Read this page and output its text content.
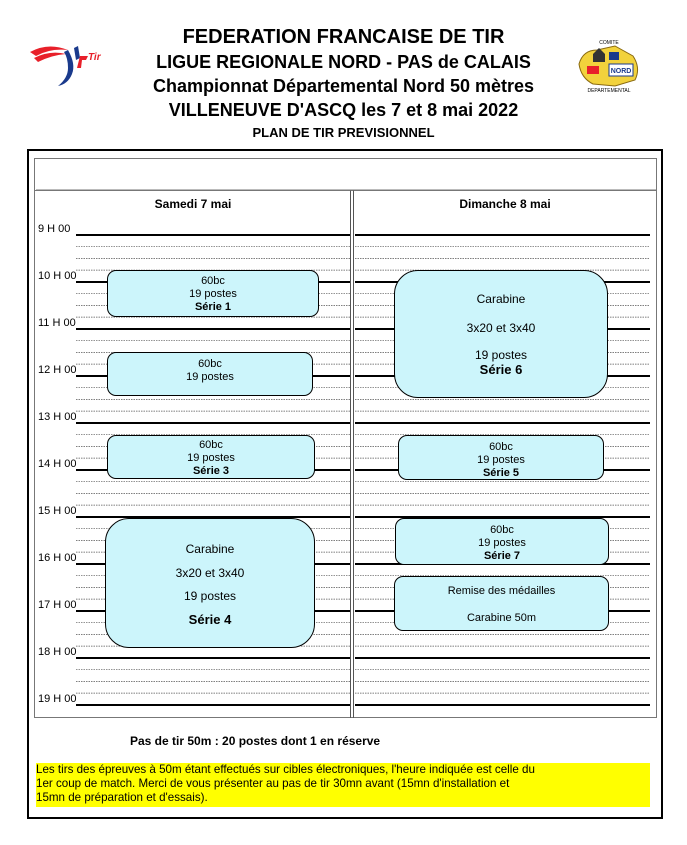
FEDERATION FRANCAISE DE TIR
LIGUE REGIONALE NORD - PAS de CALAIS
Championnat Départemental Nord 50 mètres
VILLENEUVE D'ASCQ les 7 et 8 mai 2022
PLAN DE TIR PREVISIONNEL
Tir
COMITE
NORD
DEPARTEMENTAL
Samedi 7 mai	Dimanche 8 mai
9 H 00
10 H 00
11 H 00
12 H 00
13 H 00
14 H 00
15 H 00
16 H 00
17 H 00
18 H 00
19 H 00
60bc
19 postes
Série 1
60bc
19 postes
60bc
19 postes
Série 3
Carabine
3x20 et 3x40
19 postes
Série 4
Carabine
3x20 et 3x40
19 postes
Série 6
60bc
19 postes
Série 5
60bc
19 postes
Série 7
Remise des médailles
Carabine 50m
Pas de tir 50m : 20 postes dont 1 en réserve
Les tirs des épreuves à 50m étant effectués sur cibles électroniques, l'heure indiquée est celle du
1er coup de match. Merci de vous présenter au pas de tir 30mn avant (15mn d'installation et
15mn de préparation et d'essais).
